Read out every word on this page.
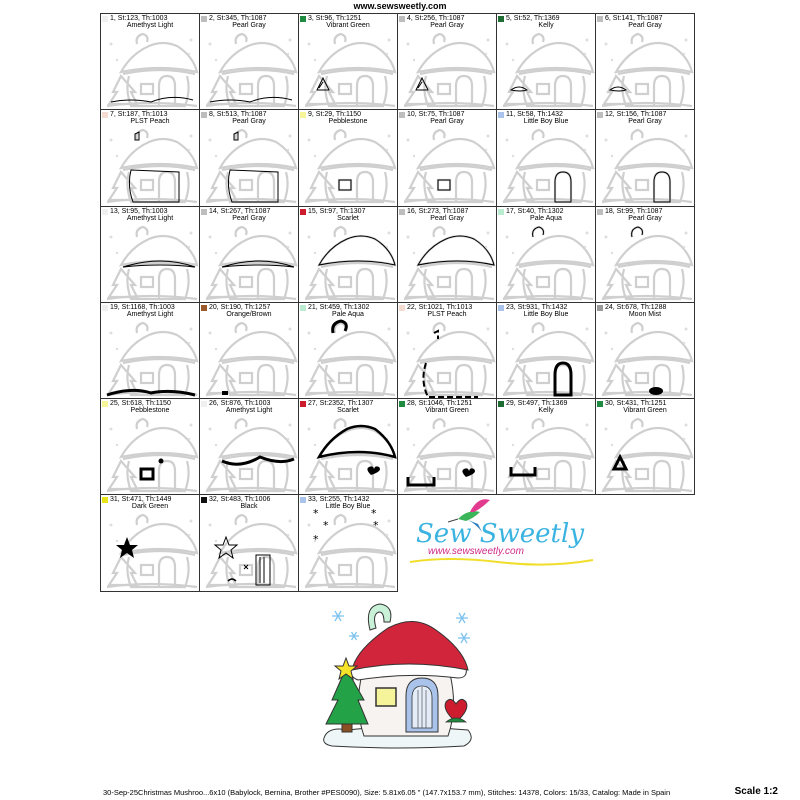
www.sewsweetly.com
1, St:123, Th:1003
Amethyst Light
2, St:345, Th:1087
Pearl Gray
3, St:96, Th:1251
Vibrant Green
4, St:256, Th:1087
Pearl Gray
5, St:52, Th:1369
Kelly
6, St:141, Th:1087
Pearl Gray
7, St:187, Th:1013
PLST Peach
8, St:513, Th:1087
Pearl Gray
9, St:29, Th:1150
Pebblestone
10, St:75, Th:1087
Pearl Gray
11, St:58, Th:1432
Little Boy Blue
12, St:156, Th:1087
Pearl Gray
13, St:95, Th:1003
Amethyst Light
14, St:267, Th:1087
Pearl Gray
15, St:97, Th:1307
Scarlet
16, St:273, Th:1087
Pearl Gray
17, St:40, Th:1302
Pale Aqua
18, St:99, Th:1087
Pearl Gray
19, St:1168, Th:1003
Amethyst Light
20, St:190, Th:1257
Orange/Brown
21, St:459, Th:1302
Pale Aqua
22, St:1021, Th:1013
PLST Peach
23, St:931, Th:1432
Little Boy Blue
24, St:678, Th:1288
Moon Mist
25, St:618, Th:1150
Pebblestone
26, St:876, Th:1003
Amethyst Light
27, St:2352, Th:1307
Scarlet
28, St:1046, Th:1251
Vibrant Green
29, St:497, Th:1369
Kelly
30, St:431, Th:1251
Vibrant Green
31, St:471, Th:1449
Dark Green
32, St:483, Th:1006
Black
*	*
*	*
*
33, St:255, Th:1432
Little Boy Blue
Sew Sweetly
www.sewsweetly.com
30-Sep-25Christmas Mushroo...6x10 (Babylock, Bernina, Brother #PES0090), Size: 5.81x6.05 " (147.7x153.7 mm), Stitches: 14378, Colors: 15/33, Catalog: Made in Spain	Scale 1:2
